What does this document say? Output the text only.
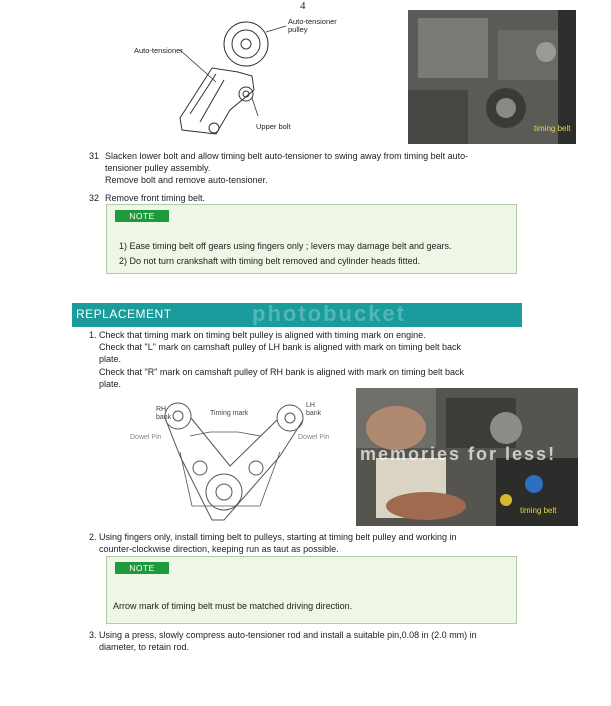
4
Auto-tensioner
pulley
Auto-tensioner
Upper bolt	timing belt
31 Slacken lower bolt and allow timing belt auto-tensioner to swing away from timing belt auto-
tensioner pulley assembly.
Remove bolt and remove auto-tensioner.
32 Remove front timing belt.
NOTE
1) Ease timing belt off gears using fingers only ; levers may damage belt and gears.
2) Do not turn crankshaft with timing belt removed and cylinder heads fitted.
REPLACEMENT	photobucket
1. Check that timing mark on timing belt pulley is aligned with timing mark on engine.
Check that "L" mark on camshaft pulley of LH bank is aligned with mark on timing belt back
plate.
Check that "R" mark on camshaft pulley of RH bank is aligned with mark on timing belt back
plate.
RH
bank
LH
bank
Timing mark
Dowel Pin	Dowel Pin
memories for less!
timing belt
2. Using fingers only, install timing belt to pulleys, starting at timing belt pulley and working in
counter-clockwise direction, keeping run as taut as possible.
NOTE
Arrow mark of timing belt must be matched driving direction.
3. Using a press, slowly compress auto-tensioner rod and install a suitable pin,0.08 in (2.0 mm) in
diameter, to retain rod.
